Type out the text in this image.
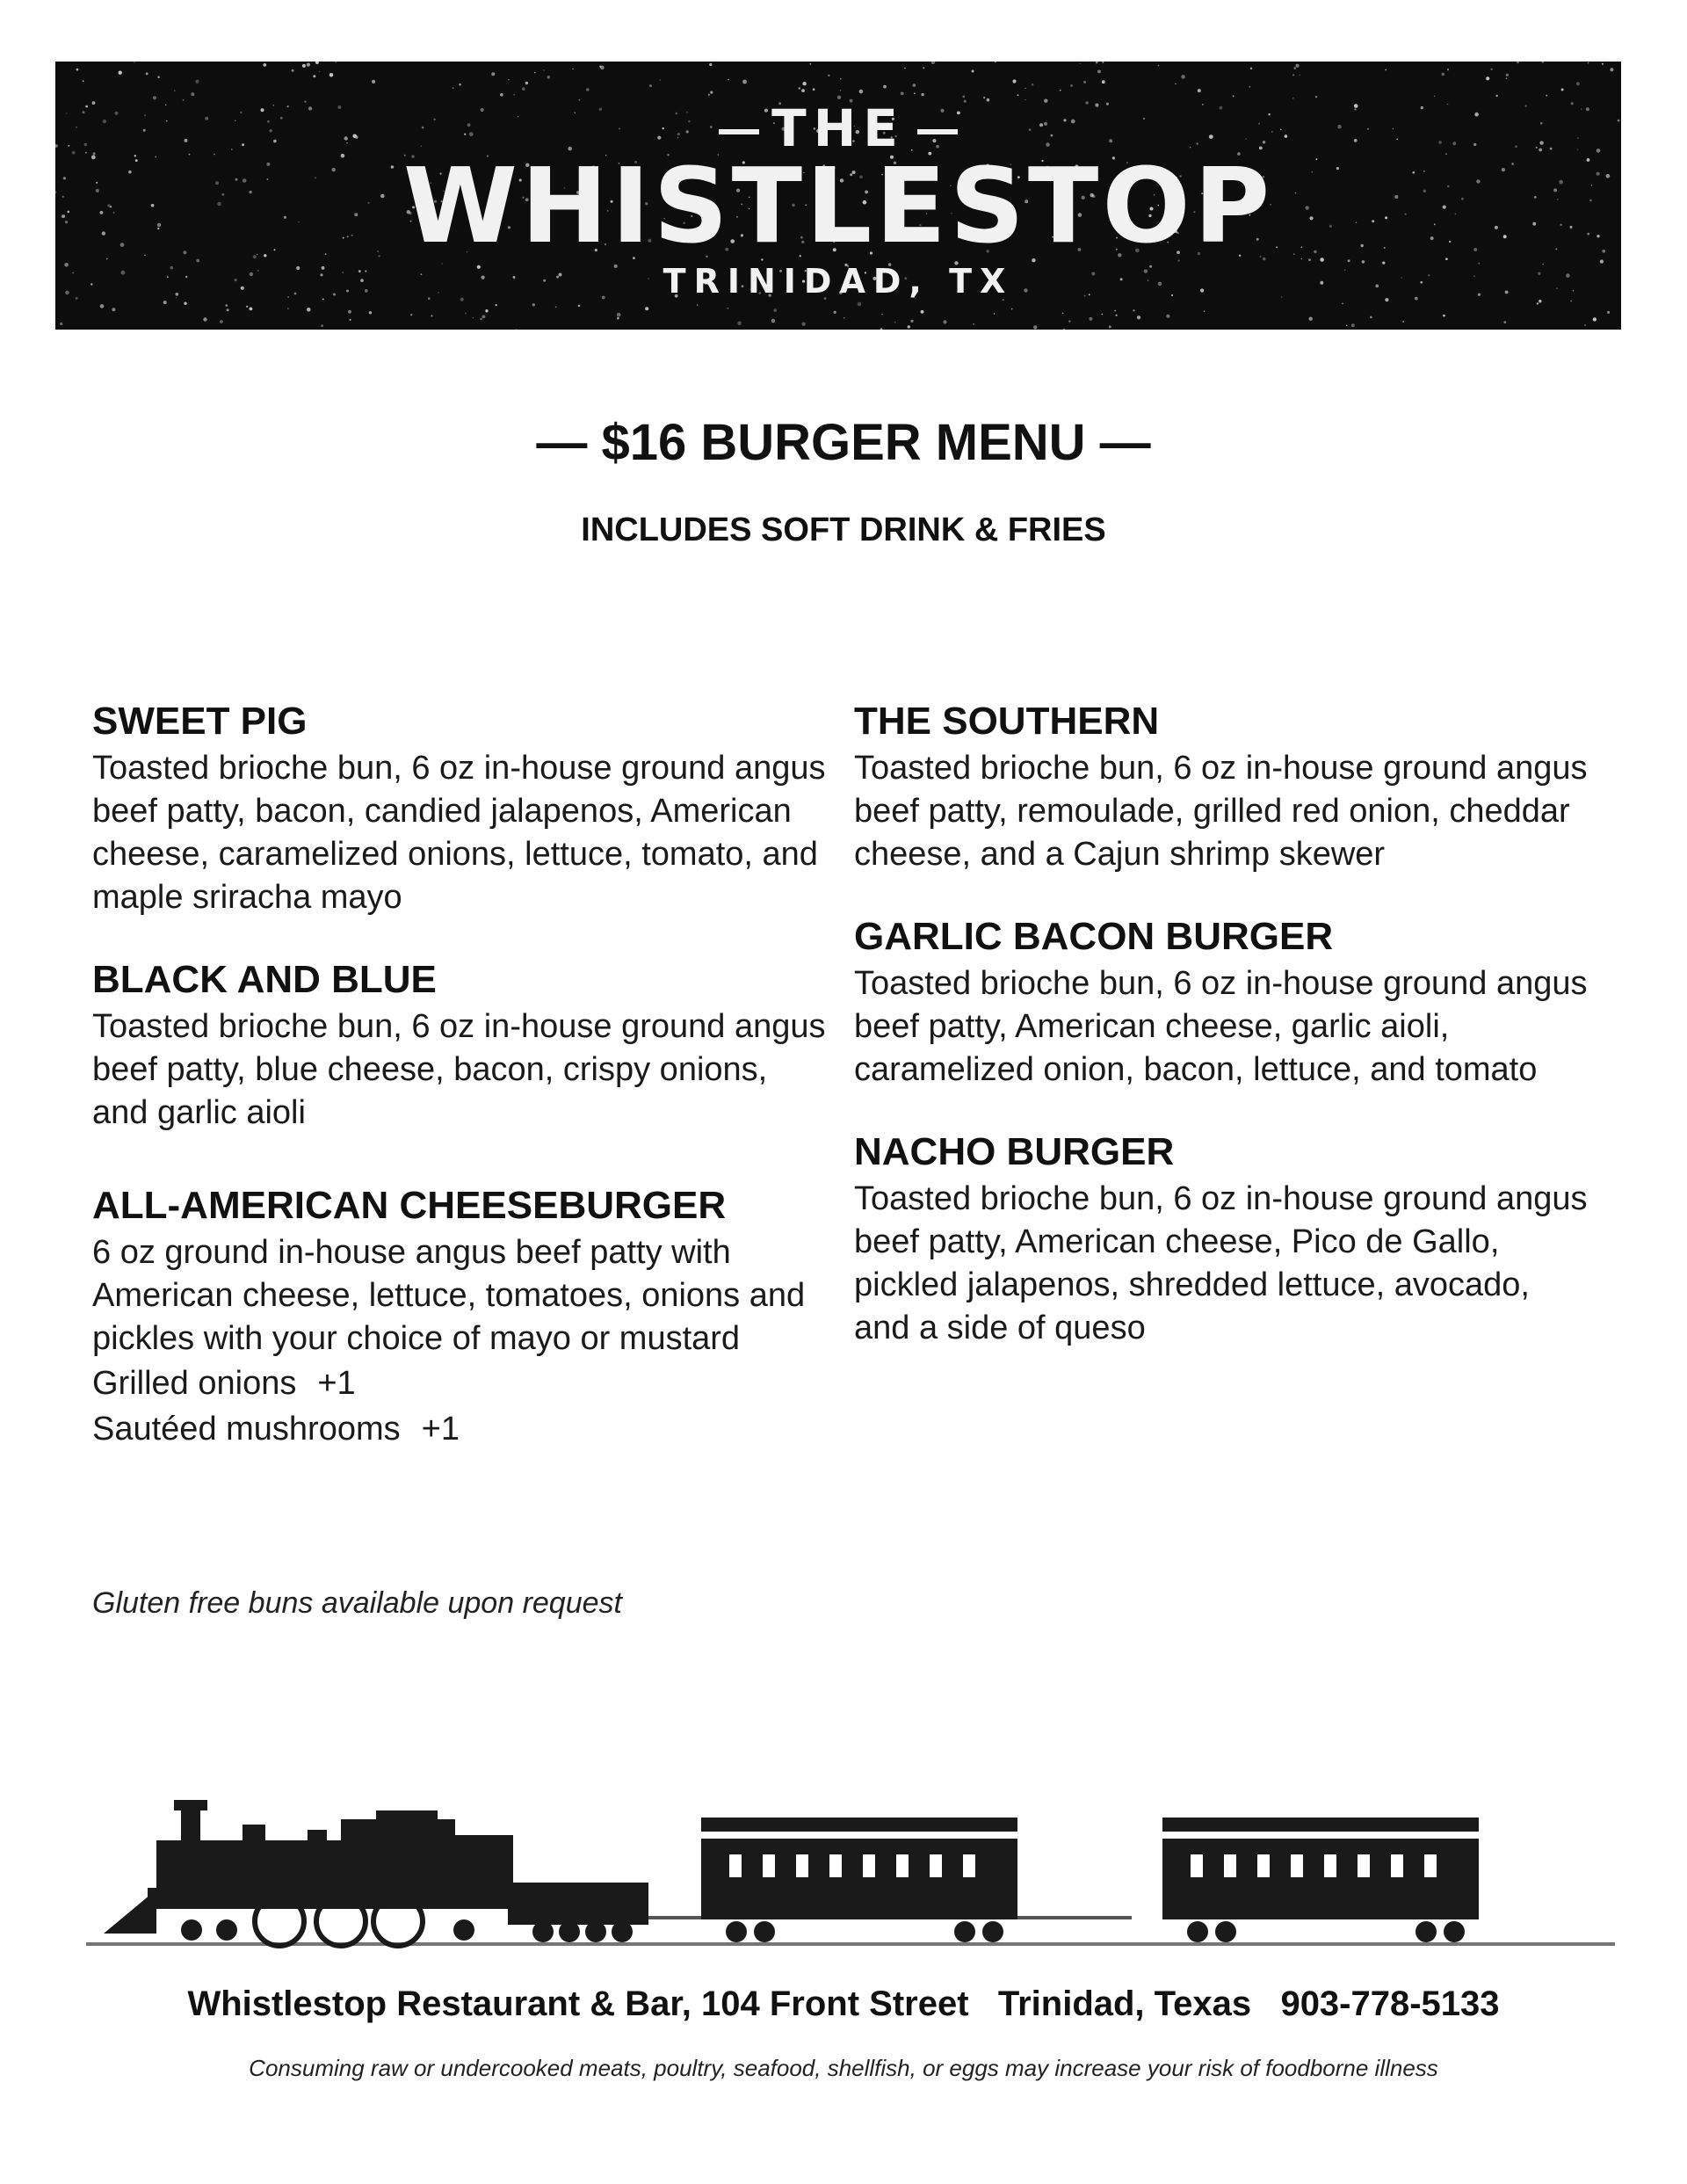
THE
WHISTLESTOP
TRINIDAD, TX
— $16 BURGER MENU —
INCLUDES SOFT DRINK & FRIES

SWEET PIG

Toasted brioche bun, 6 oz in-house ground angus beef patty, bacon, candied jalapenos, American cheese, caramelized onions, lettuce, tomato, and maple sriracha mayo

BLACK AND BLUE

Toasted brioche bun, 6 oz in-house ground angus beef patty, blue cheese, bacon, crispy onions, and garlic aioli

ALL-AMERICAN CHEESEBURGER

6 oz ground in-house angus beef patty with American cheese, lettuce, tomatoes, onions and pickles with your choice of mayo or mustard

Grilled onions +1
Sautéed mushrooms +1

THE SOUTHERN

Toasted brioche bun, 6 oz in-house ground angus beef patty, remoulade, grilled red onion, cheddar cheese, and a Cajun shrimp skewer

GARLIC BACON BURGER

Toasted brioche bun, 6 oz in-house ground angus beef patty, American cheese, garlic aioli, caramelized onion, bacon, lettuce, and tomato

NACHO BURGER

Toasted brioche bun, 6 oz in-house ground angus beef patty, American cheese, Pico de Gallo, pickled jalapenos, shredded lettuce, avocado, and a side of queso

Gluten free buns available upon request
Whistlestop Restaurant & Bar, 104 Front Street   Trinidad, Texas   903-778-5133
Consuming raw or undercooked meats, poultry, seafood, shellfish, or eggs may increase your risk of foodborne illness
